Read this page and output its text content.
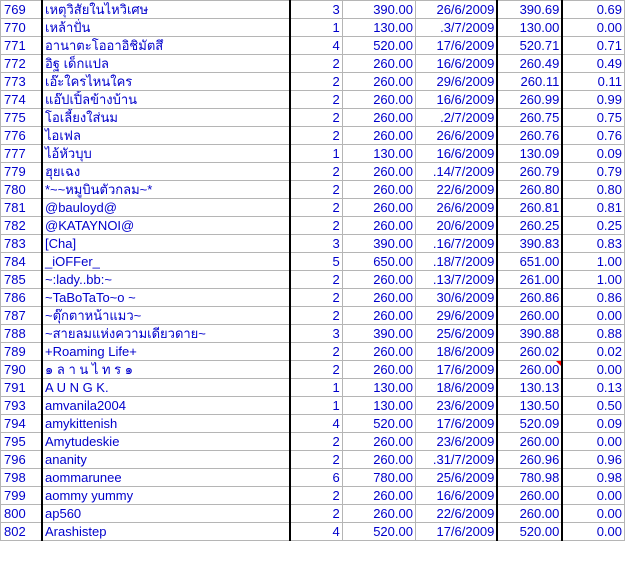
769	เหตุวิสัยในไหวิเศษ	3	390.00	26/6/2009	390.69	0.69
770	เหล้าปั่น	1	130.00	.3/7/2009	130.00	0.00
771	อานาตะโออาอิชิมัตสึ	4	520.00	17/6/2009	520.71	0.71
772	อิฐ เด็กแปล	2	260.00	16/6/2009	260.49	0.49
773	เอ๊ะใครไหนใคร	2	260.00	29/6/2009	260.11	0.11
774	แอ๊ปเปิ้ลข้างบ้าน	2	260.00	16/6/2009	260.99	0.99
775	โอเลี้ยงใส่นม	2	260.00	.2/7/2009	260.75	0.75
776	ไอเฟล	2	260.00	26/6/2009	260.76	0.76
777	ไอ้หัวบุบ	1	130.00	16/6/2009	130.09	0.09
779	ฮุยเฉง	2	260.00	.14/7/2009	260.79	0.79
780	*~~หมูบินตัวกลม~*	2	260.00	22/6/2009	260.80	0.80
781	@bauloyd@	2	260.00	26/6/2009	260.81	0.81
782	@KATAYNOI@	2	260.00	20/6/2009	260.25	0.25
783	[Cha]	3	390.00	.16/7/2009	390.83	0.83
784	_iOFFer_	5	650.00	.18/7/2009	651.00	1.00
785	~:lady..bb:~	2	260.00	.13/7/2009	261.00	1.00
786	~TaBoTaTo~o ~	2	260.00	30/6/2009	260.86	0.86
787	~ตุ๊กตาหน้าแมว~	2	260.00	29/6/2009	260.00	0.00
788	~สายลมแห่งความเดียวดาย~	3	390.00	25/6/2009	390.88	0.88
789	+Roaming Life+	2	260.00	18/6/2009	260.02	0.02
790	๑ ล า น ไ ท ร ๑	2	260.00	17/6/2009	260.00	0.00
791	A U N G K.	1	130.00	18/6/2009	130.13	0.13
793	amvanila2004	1	130.00	23/6/2009	130.50	0.50
794	amykittenish	4	520.00	17/6/2009	520.09	0.09
795	Amytudeskie	2	260.00	23/6/2009	260.00	0.00
796	ananity	2	260.00	.31/7/2009	260.96	0.96
798	aommarunee	6	780.00	25/6/2009	780.98	0.98
799	aommy yummy	2	260.00	16/6/2009	260.00	0.00
800	ap560	2	260.00	22/6/2009	260.00	0.00
802	Arashistep	4	520.00	17/6/2009	520.00	0.00
